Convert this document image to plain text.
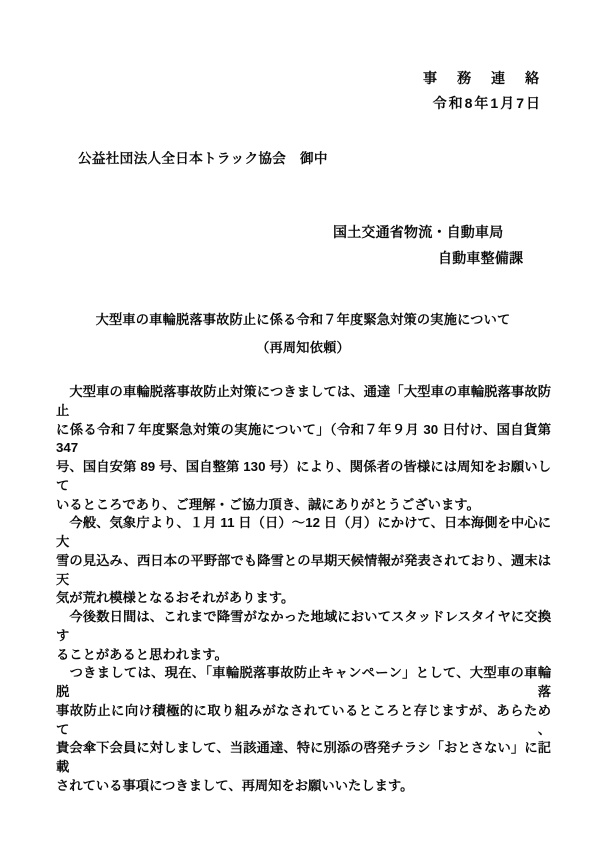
事　務　連　絡
令和8年1月7日
公益社団法人全日本トラック協会　御中
国土交通省物流・自動車局
自動車整備課
大型車の車輪脱落事故防止に係る令和７年度緊急対策の実施について
（再周知依頼）
　大型車の車輪脱落事故防止対策につきましては、通達「大型車の車輪脱落事故防止
に係る令和７年度緊急対策の実施について」（令和７年９月 30 日付け、国自貨第 347
号、国自安第 89 号、国自整第 130 号）により、関係者の皆様には周知をお願いして
いるところであり、ご理解・ご協力頂き、誠にありがとうございます。
　今般、気象庁より、１月 11 日（日）～12 日（月）にかけて、日本海側を中心に大
雪の見込み、西日本の平野部でも降雪との早期天候情報が発表されており、週末は天
気が荒れ模様となるおそれがあります。
　今後数日間は、これまで降雪がなかった地域においてスタッドレスタイヤに交換す
ることがあると思われます。
　つきましては、現在、「車輪脱落事故防止キャンペーン」として、大型車の車輪脱落
事故防止に向け積極的に取り組みがなされているところと存じますが、あらためて、
貴会傘下会員に対しまして、当該通達、特に別添の啓発チラシ「おとさない」に記載
されている事項につきまして、再周知をお願いいたします。
